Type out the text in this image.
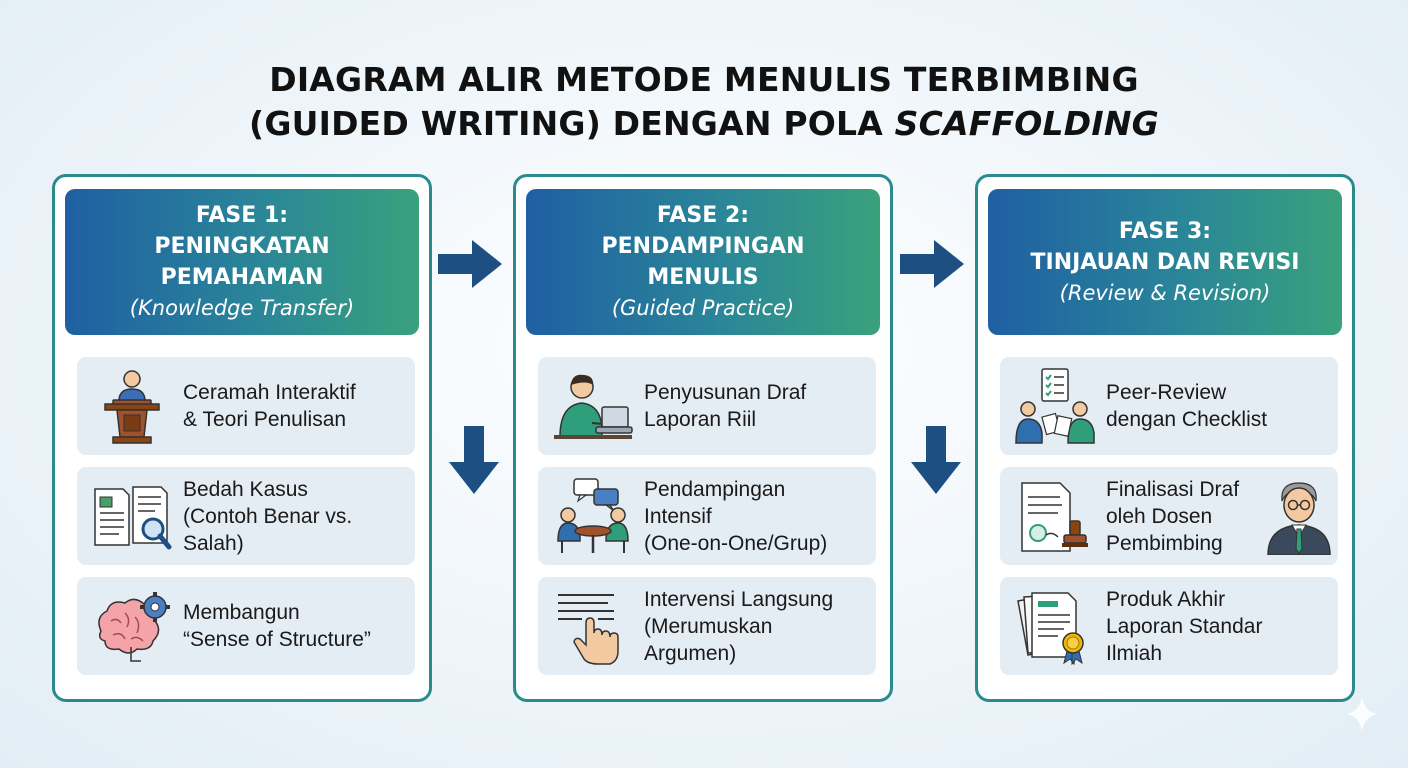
DIAGRAM ALIR METODE MENULIS TERBIMBING
(GUIDED WRITING) DENGAN POLA SCAFFOLDING
FASE 1:
PENINGKATAN
PEMAHAMAN
(Knowledge Transfer)
Ceramah Interaktif
& Teori Penulisan
Bedah Kasus
(Contoh Benar vs.
Salah)
Membangun
“Sense of Structure”
FASE 2:
PENDAMPINGAN
MENULIS
(Guided Practice)
Penyusunan Draf
Laporan Riil
Pendampingan
Intensif
(One-on-One/Grup)
Intervensi Langsung
(Merumuskan
Argumen)
FASE 3:
TINJAUAN DAN REVISI
(Review & Revision)
Peer-Review
dengan Checklist
Finalisasi Draf
oleh Dosen
Pembimbing
Produk Akhir
Laporan Standar
Ilmiah
